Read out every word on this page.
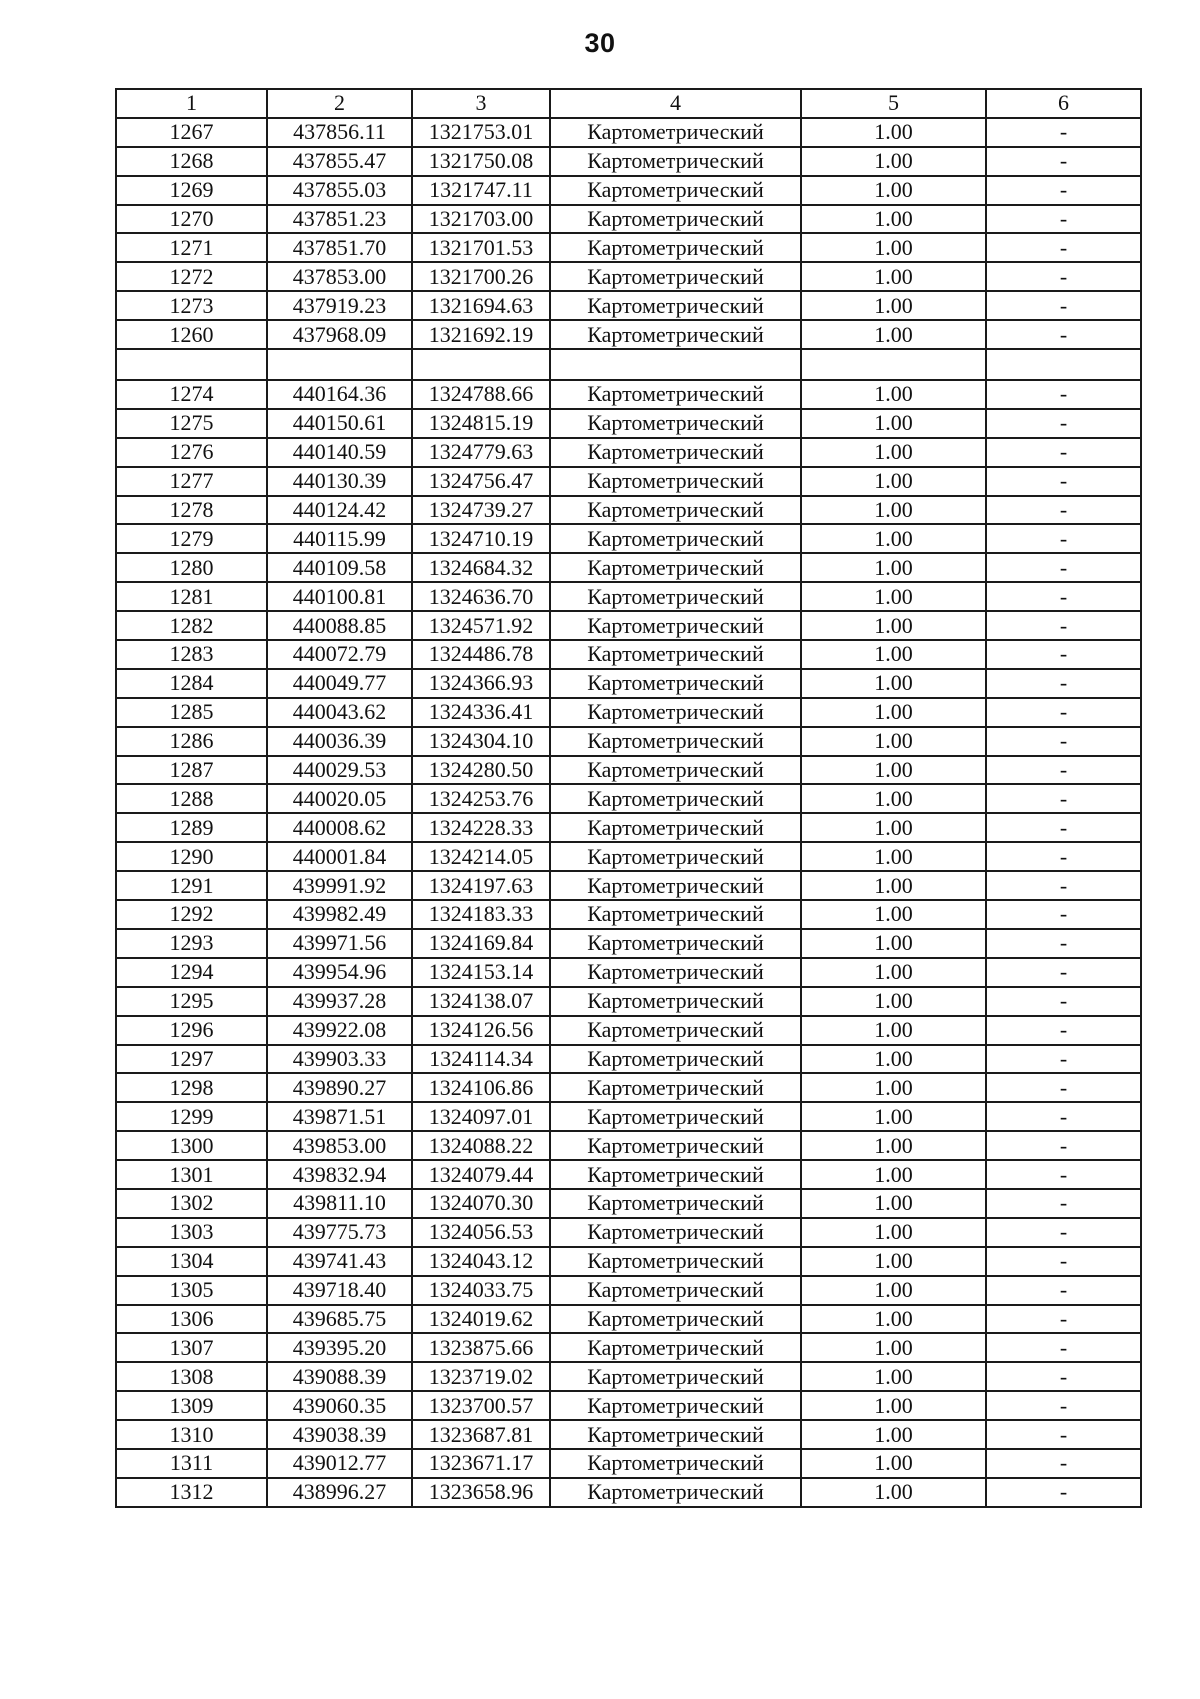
30
1	2	3	4	5	6
1267	437856.11	1321753.01	Картометрический	1.00	-
1268	437855.47	1321750.08	Картометрический	1.00	-
1269	437855.03	1321747.11	Картометрический	1.00	-
1270	437851.23	1321703.00	Картометрический	1.00	-
1271	437851.70	1321701.53	Картометрический	1.00	-
1272	437853.00	1321700.26	Картометрический	1.00	-
1273	437919.23	1321694.63	Картометрический	1.00	-
1260	437968.09	1321692.19	Картометрический	1.00	-

1274	440164.36	1324788.66	Картометрический	1.00	-
1275	440150.61	1324815.19	Картометрический	1.00	-
1276	440140.59	1324779.63	Картометрический	1.00	-
1277	440130.39	1324756.47	Картометрический	1.00	-
1278	440124.42	1324739.27	Картометрический	1.00	-
1279	440115.99	1324710.19	Картометрический	1.00	-
1280	440109.58	1324684.32	Картометрический	1.00	-
1281	440100.81	1324636.70	Картометрический	1.00	-
1282	440088.85	1324571.92	Картометрический	1.00	-
1283	440072.79	1324486.78	Картометрический	1.00	-
1284	440049.77	1324366.93	Картометрический	1.00	-
1285	440043.62	1324336.41	Картометрический	1.00	-
1286	440036.39	1324304.10	Картометрический	1.00	-
1287	440029.53	1324280.50	Картометрический	1.00	-
1288	440020.05	1324253.76	Картометрический	1.00	-
1289	440008.62	1324228.33	Картометрический	1.00	-
1290	440001.84	1324214.05	Картометрический	1.00	-
1291	439991.92	1324197.63	Картометрический	1.00	-
1292	439982.49	1324183.33	Картометрический	1.00	-
1293	439971.56	1324169.84	Картометрический	1.00	-
1294	439954.96	1324153.14	Картометрический	1.00	-
1295	439937.28	1324138.07	Картометрический	1.00	-
1296	439922.08	1324126.56	Картометрический	1.00	-
1297	439903.33	1324114.34	Картометрический	1.00	-
1298	439890.27	1324106.86	Картометрический	1.00	-
1299	439871.51	1324097.01	Картометрический	1.00	-
1300	439853.00	1324088.22	Картометрический	1.00	-
1301	439832.94	1324079.44	Картометрический	1.00	-
1302	439811.10	1324070.30	Картометрический	1.00	-
1303	439775.73	1324056.53	Картометрический	1.00	-
1304	439741.43	1324043.12	Картометрический	1.00	-
1305	439718.40	1324033.75	Картометрический	1.00	-
1306	439685.75	1324019.62	Картометрический	1.00	-
1307	439395.20	1323875.66	Картометрический	1.00	-
1308	439088.39	1323719.02	Картометрический	1.00	-
1309	439060.35	1323700.57	Картометрический	1.00	-
1310	439038.39	1323687.81	Картометрический	1.00	-
1311	439012.77	1323671.17	Картометрический	1.00	-
1312	438996.27	1323658.96	Картометрический	1.00	-
